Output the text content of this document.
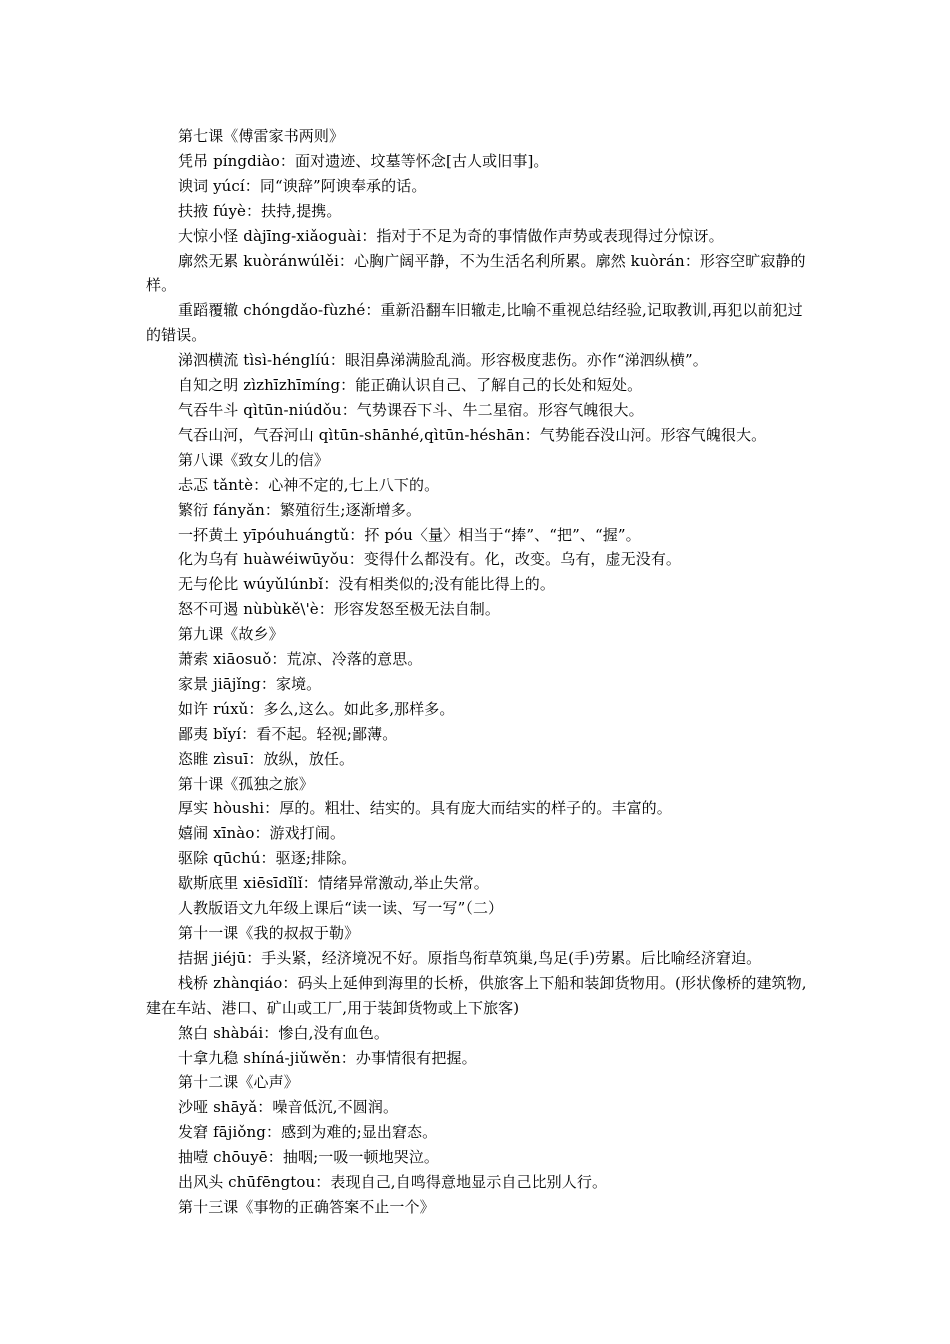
第七课《傅雷家书两则》

凭吊 píngdiào：面对遗迹、坟墓等怀念[古人或旧事]。

谀词 yúcí：同“谀辞”阿谀奉承的话。

扶掖 fúyè：扶持,提携。

大惊小怪 dàjīng-xiǎoguài：指对于不足为奇的事情做作声势或表现得过分惊讶。

廓然无累 kuòránwúlěi：心胸广阔平静，不为生活名利所累。廓然 kuòrán：形容空旷寂静的样。

重蹈覆辙 chóngdǎo-fùzhé：重新沿翻车旧辙走,比喻不重视总结经验,记取教训,再犯以前犯过的错误。

涕泗横流 tìsì-hénglíú：眼泪鼻涕满脸乱淌。形容极度悲伤。亦作“涕泗纵横”。

自知之明 zìzhīzhīmíng：能正确认识自己、了解自己的长处和短处。

气吞牛斗 qìtūn-niúdǒu：气势课吞下斗、牛二星宿。形容气魄很大。

气吞山河，气吞河山 qìtūn-shānhé,qìtūn-héshān：气势能吞没山河。形容气魄很大。

第八课《致女儿的信》

忐忑 tǎntè：心神不定的,七上八下的。

繁衍 fányǎn：繁殖衍生;逐渐增多。

一抔黄土 yīpóuhuángtǔ：抔 póu〈量〉相当于“捧”、“把”、“握”。

化为乌有 huàwéiwūyǒu：变得什么都没有。化，改变。乌有，虚无没有。

无与伦比 wúyǔlúnbǐ：没有相类似的;没有能比得上的。

怒不可遏 nùbùkě\'è：形容发怒至极无法自制。

第九课《故乡》

萧索 xiāosuǒ：荒凉、冷落的意思。

家景 jiājǐng：家境。

如许 rúxǔ：多么,这么。如此多,那样多。

鄙夷 bǐyí：看不起。轻视;鄙薄。

恣睢 zìsuī：放纵，放任。

第十课《孤独之旅》

厚实 hòushi：厚的。粗壮、结实的。具有庞大而结实的样子的。丰富的。

嬉闹 xīnào：游戏打闹。

驱除 qūchú：驱逐;排除。

歇斯底里 xiēsīdǐlǐ：情绪异常激动,举止失常。

人教版语文九年级上课后“读一读、写一写”（二）

第十一课《我的叔叔于勒》

拮据 jiéjū：手头紧，经济境况不好。原指鸟衔草筑巢,鸟足(手)劳累。后比喻经济窘迫。

栈桥 zhànqiáo：码头上延伸到海里的长桥，供旅客上下船和装卸货物用。(形状像桥的建筑物,建在车站、港口、矿山或工厂,用于装卸货物或上下旅客)

煞白 shàbái：惨白,没有血色。

十拿九稳 shíná-jiǔwěn：办事情很有把握。

第十二课《心声》

沙哑 shāyǎ：噪音低沉,不圆润。

发窘 fājiǒng：感到为难的;显出窘态。

抽噎 chōuyē：抽咽;一吸一顿地哭泣。

出风头 chūfēngtou：表现自己,自鸣得意地显示自己比别人行。

第十三课《事物的正确答案不止一个》
